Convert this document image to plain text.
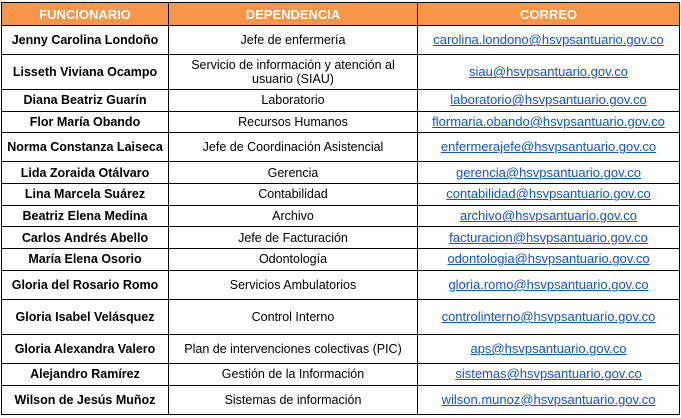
FUNCIONARIO	DEPENDENCIA	CORREO
Jenny Carolina Londoño	Jefe de enfermería	carolina.londono@hsvpsantuario.gov.co
Lisseth Viviana Ocampo	Servicio de información y atención al usuario (SIAU)	siau@hsvpsantuario.gov.co
Diana Beatriz Guarín	Laboratorio	laboratorio@hsvpsantuario.gov.co
Flor María Obando	Recursos Humanos	flormaria.obando@hsvpsantuario.gov.co
Norma Constanza Laiseca	Jefe de Coordinación Asistencial	enfermerajefe@hsvpsantuario.gov.co
Lida Zoraida Otálvaro	Gerencia	gerencia@hsvpsantuario.gov.co
Lina Marcela Suárez	Contabilidad	contabilidad@hsvpsantuario.gov.co
Beatriz Elena Medina	Archivo	archivo@hsvpsantuario.gov.co
Carlos Andrés Abello	Jefe de Facturación	facturacion@hsvpsantuario.gov.co
María Elena Osorio	Odontología	odontologia@hsvpsantuario.gov.co
Gloria del Rosario Romo	Servicios Ambulatorios	gloria.romo@hsvpsantuario.gov.co
Gloria Isabel Velásquez	Control Interno	controlinterno@hsvpsantuario.gov.co
Gloria Alexandra Valero	Plan de intervenciones colectivas (PIC)	aps@hsvpsantuario.gov.co
Alejandro Ramírez	Gestión de la Información	sistemas@hsvpsantuario.gov.co
Wilson de Jesús Muñoz	Sistemas de información	wilson.munoz@hsvpsantuario.gov.co
